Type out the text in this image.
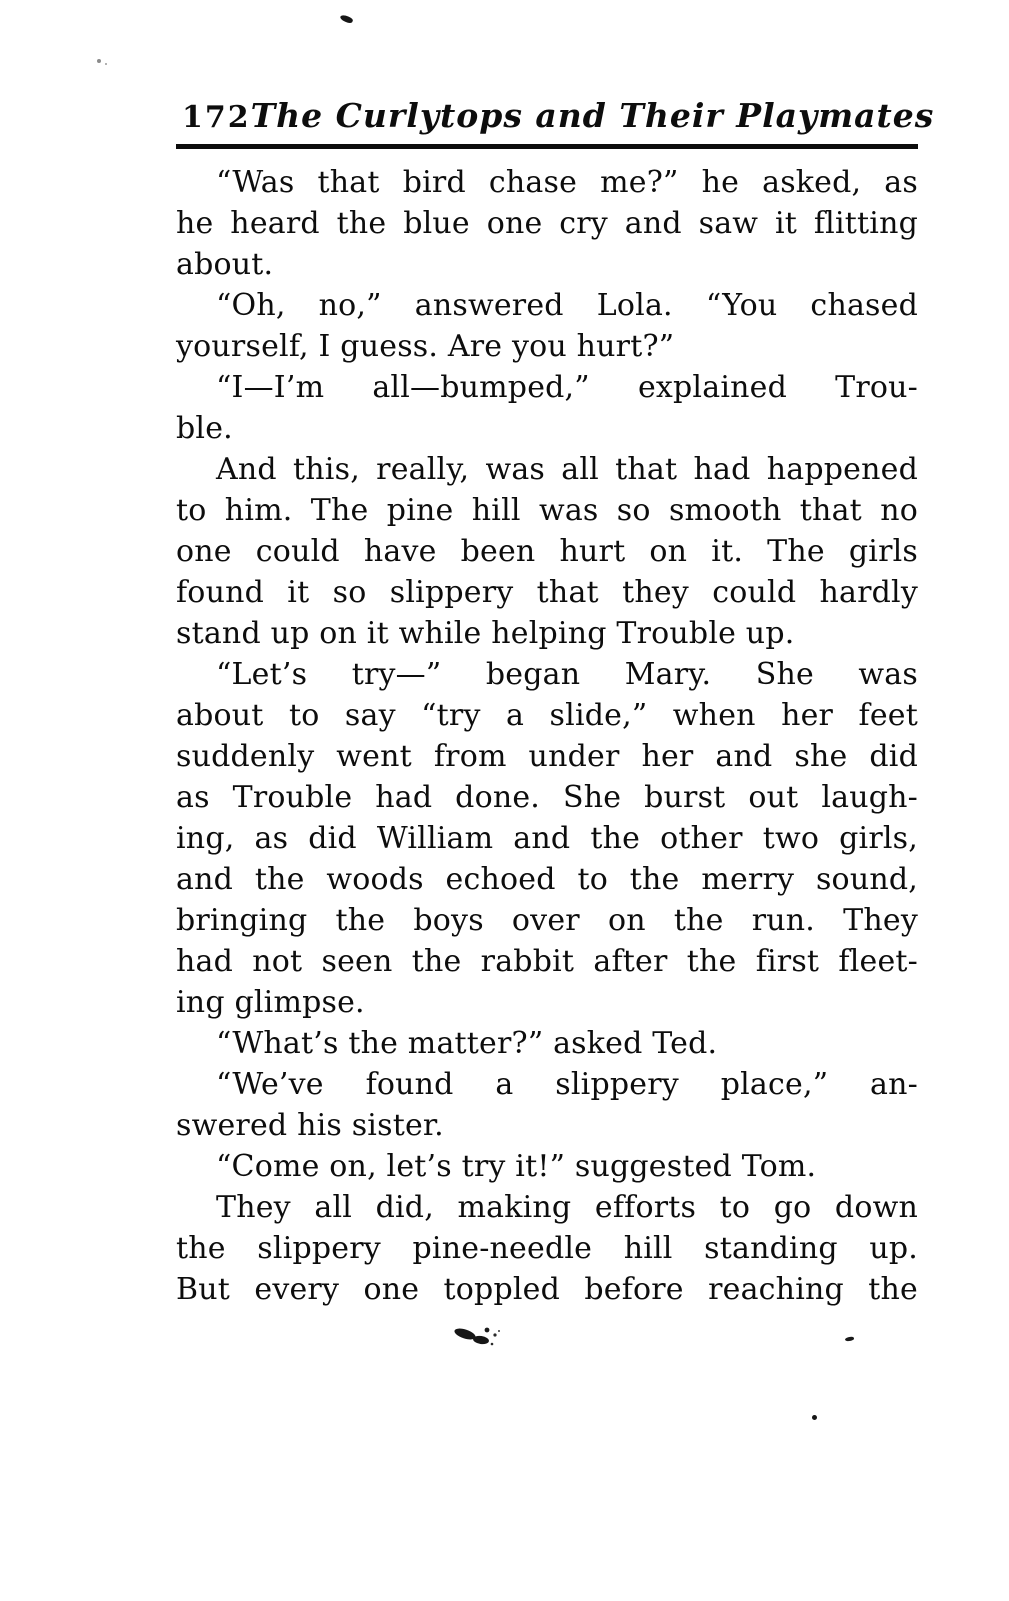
172 The Curlytops and Their Playmates
“Was that bird chase me?” he asked, as
he heard the blue one cry and saw it flitting
about.
“Oh, no,” answered Lola. “You chased
yourself, I guess. Are you hurt?”
“I—I’m all—bumped,” explained Trou-
ble.
And this, really, was all that had happened
to him. The pine hill was so smooth that no
one could have been hurt on it. The girls
found it so slippery that they could hardly
stand up on it while helping Trouble up.
“Let’s try—” began Mary. She was
about to say “try a slide,” when her feet
suddenly went from under her and she did
as Trouble had done. She burst out laugh-
ing, as did William and the other two girls,
and the woods echoed to the merry sound,
bringing the boys over on the run. They
had not seen the rabbit after the first fleet-
ing glimpse.
“What’s the matter?” asked Ted.
“We’ve found a slippery place,” an-
swered his sister.
“Come on, let’s try it!” suggested Tom.
They all did, making efforts to go down
the slippery pine-needle hill standing up.
But every one toppled before reaching the
